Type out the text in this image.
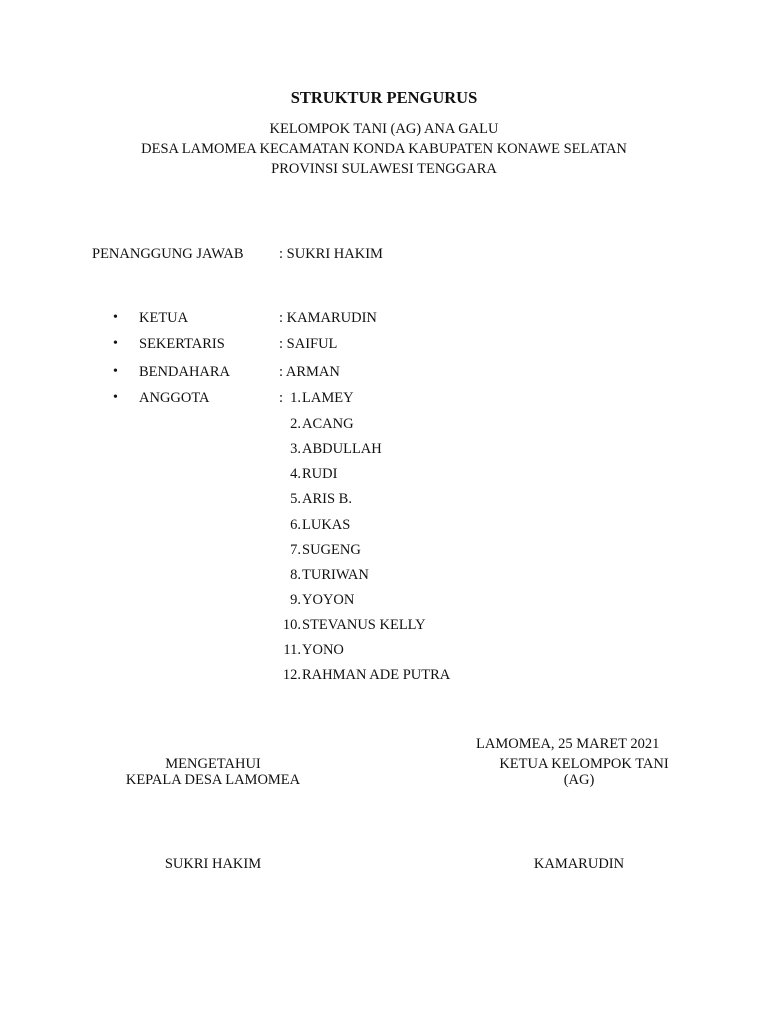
STRUKTUR PENGURUS
KELOMPOK TANI (AG) ANA GALU
DESA LAMOMEA KECAMATAN KONDA KABUPATEN KONAWE SELATAN
PROVINSI SULAWESI TENGGARA
PENANGGUNG JAWAB : SUKRI HAKIM
• KETUA	: KAMARUDIN
• SEKERTARIS	: SAIFUL
• BENDAHARA	: ARMAN
• ANGGOTA	: 1. LAMEY
2. ACANG
3. ABDULLAH
4. RUDI
5. ARIS B.
6. LUKAS
7. SUGENG
8. TURIWAN
9. YOYON
10. STEVANUS KELLY
11. YONO
12. RAHMAN ADE PUTRA
LAMOMEA, 25 MARET 2021
MENGETAHUI
KEPALA DESA LAMOMEA
KETUA KELOMPOK TANI
(AG)
SUKRI HAKIM	KAMARUDIN
